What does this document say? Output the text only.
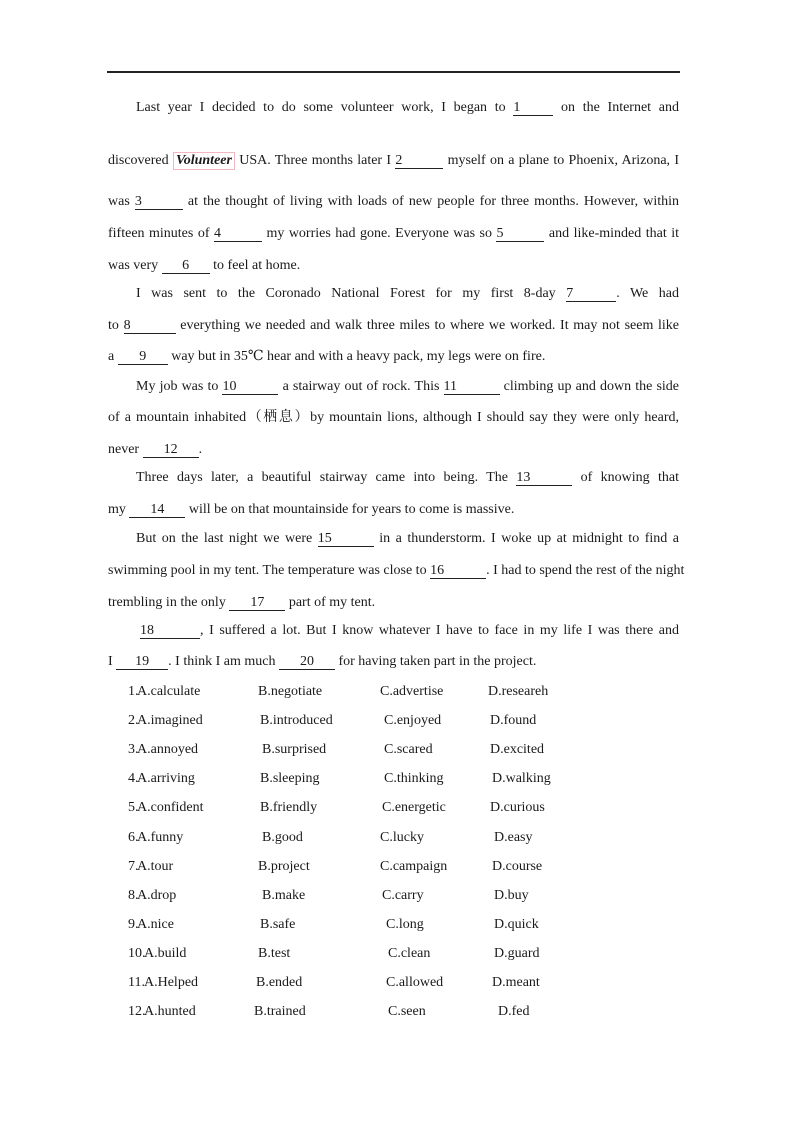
Last year I decided to do some volunteer work, I began to 1 on the Internet and
discovered Volunteer USA. Three months later I 2	myself on a plane to Phoenix, Arizona, I
was 3	at the thought of living with loads of new people for three months. However, within
fifteen minutes of 4	my worries had gone. Everyone was so 5	and like-minded that it
was very 6 to feel at home.
I was sent to the Coronado National Forest for my first 8-day 7	. We had
to 8	everything we needed and walk three miles to where we worked. It may not seem like
a 9 way but in 35℃ hear and with a heavy pack, my legs were on fire.
My job was to 10	a stairway out of rock. This 11	climbing up and down the side
of a mountain inhabited（栖息）by mountain lions, although I should say they were only heard,
never 12 .
Three days later, a beautiful stairway came into being. The 13	of knowing that
my 14 will be on that mountainside for years to come is massive.
But on the last night we were 15	in a thunderstorm. I woke up at midnight to find a
swimming pool in my tent. The temperature was close to 16	. I had to spend the rest of the night
trembling in the only 17 part of my tent.
18	, I suffered a lot. But I know whatever I have to face in my life I was there and
I 19 . I think I am much 20 for having taken part in the project.
1.
A.calculate	B.negotiate	C.advertise	D.researeh
2.
A.imagined	B.introduced	C.enjoyed	D.found
3.
A.annoyed	B.surprised	C.scared	D.excited
4.
A.arriving	B.sleeping	C.thinking	D.walking
5.
A.confident	B.friendly	C.energetic	D.curious
6.
A.funny	B.good	C.lucky	D.easy
7.
A.tour	B.project	C.campaign	D.course
8.
A.drop	B.make	C.carry	D.buy
9.
A.nice	B.safe	C.long	D.quick
10.
A.build	B.test	C.clean	D.guard
11. A.Helped	B.ended	C.allowed	D.meant
12.
A.hunted	B.trained	C.seen	D.fed
